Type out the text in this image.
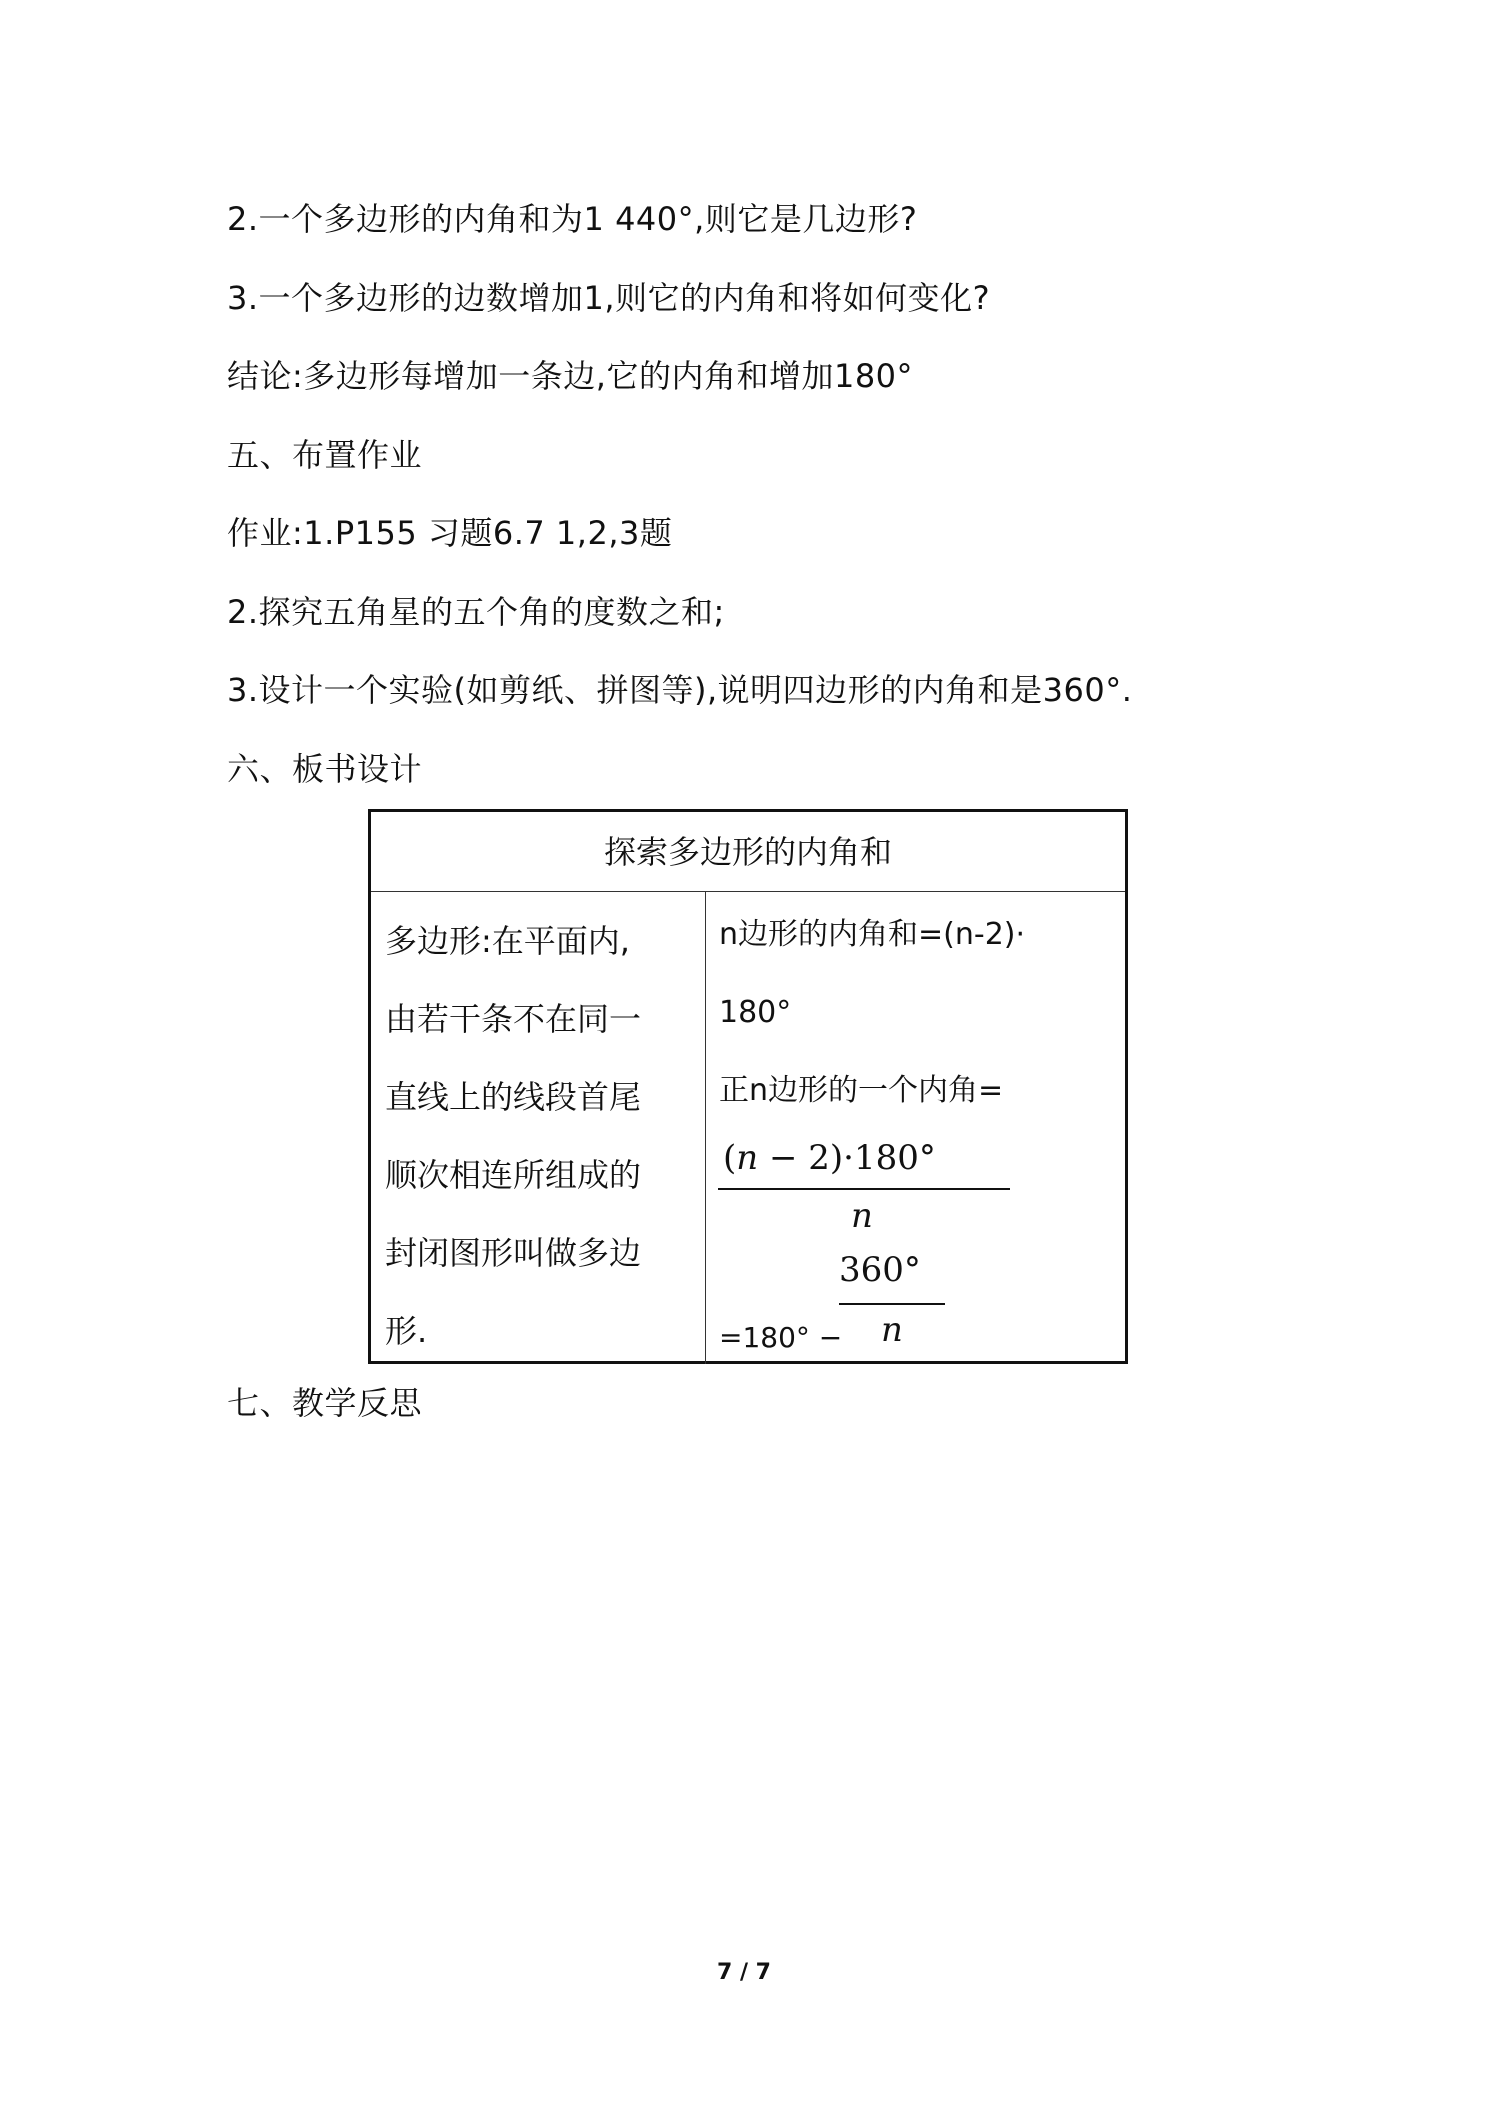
2.一个多边形的内角和为1 440°,则它是几边形?
3.一个多边形的边数增加1,则它的内角和将如何变化?
结论:多边形每增加一条边,它的内角和增加180°
五、布置作业
作业:1.P155 习题6.7 1,2,3题
2.探究五角星的五个角的度数之和;
3.设计一个实验(如剪纸、拼图等),说明四边形的内角和是360°.
六、板书设计
探索多边形的内角和
多边形:在平面内,
由若干条不在同一
直线上的线段首尾
顺次相连所组成的
封闭图形叫做多边
形.
n边形的内角和=(n-2)·
180°
正n边形的一个内角=
(𝑛 − 2)·180°
n
=180° −
360°
n
七、教学反思
7 / 7
